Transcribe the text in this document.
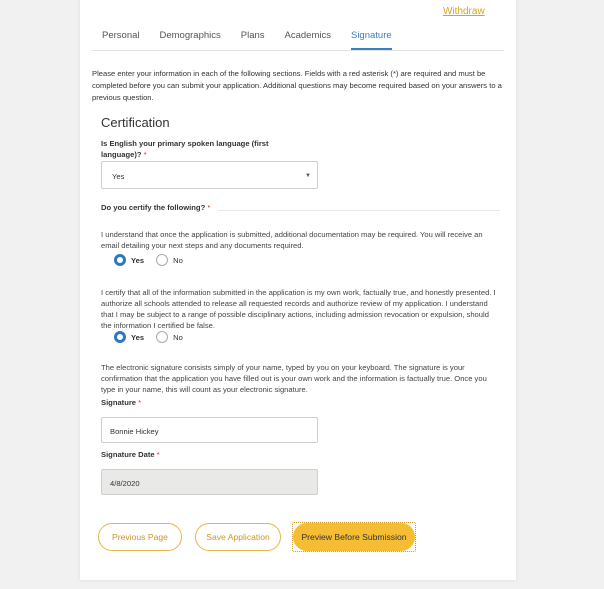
Withdraw
Personal Demographics Plans Academics Signature

Please enter your information in each of the following sections. Fields with a red asterisk (*) are required and must be completed before you can submit your application. Additional questions may become required based on your answers to a previous question.

Certification
Is English your primary spoken language (first language)? *
Yes	▼
Do you certify the following? *

I understand that once the application is submitted, additional documentation may be required. You will receive an email detailing your next steps and any documents required.

Yes	No

I certify that all of the information submitted in the application is my own work, factually true, and honestly presented. I authorize all schools attended to release all requested records and authorize review of my application. I understand that I may be subject to a range of possible disciplinary actions, including admission revocation or expulsion, should the information I certified be false.

Yes	No

The electronic signature consists simply of your name, typed by you on your keyboard. The signature is your confirmation that the application you have filled out is your own work and the information is factually true. Once you type in your name, this will count as your electronic signature.

Signature *
Bonnie Hickey
Signature Date *
4/8/2020
Previous Page	Save Application	Preview Before Submission
